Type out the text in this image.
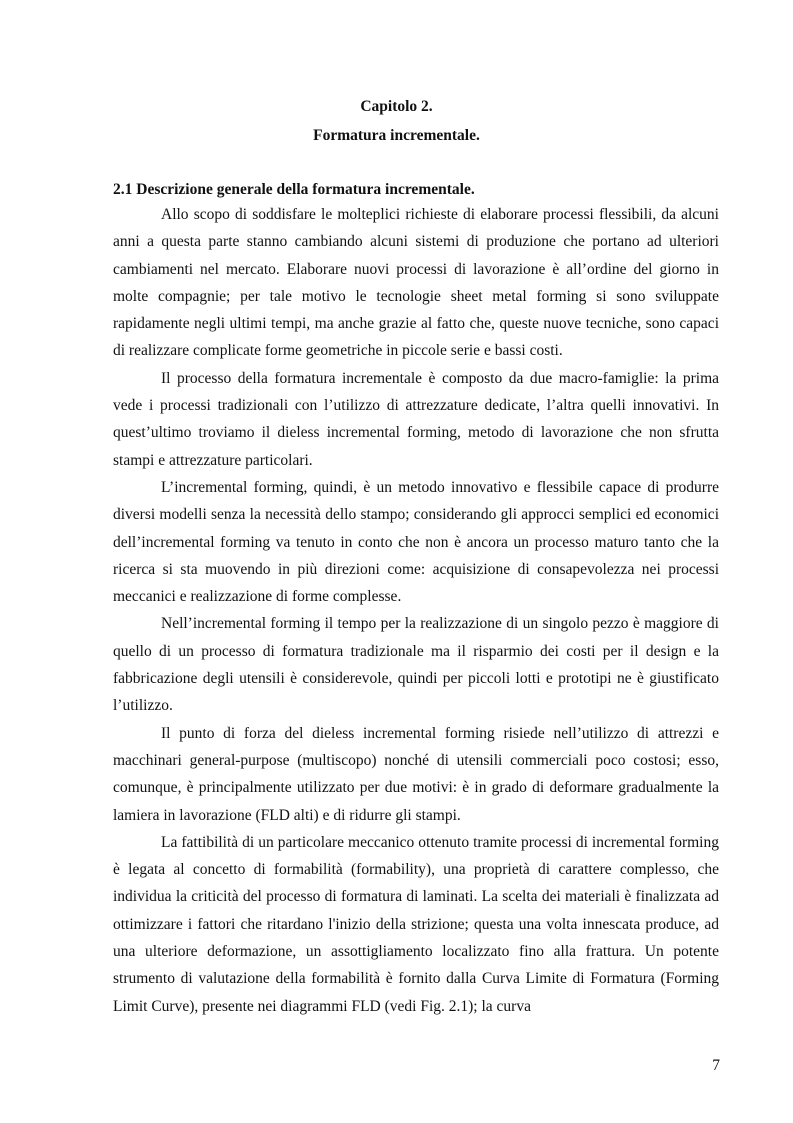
Capitolo 2.
Formatura incrementale.
2.1 Descrizione generale della formatura incrementale.

Allo scopo di soddisfare le molteplici richieste di elaborare processi flessibili, da alcuni anni a questa parte stanno cambiando alcuni sistemi di produzione che portano ad ulteriori cambiamenti nel mercato. Elaborare nuovi processi di lavorazione è all’ordine del giorno in molte compagnie; per tale motivo le tecnologie sheet metal forming si sono sviluppate rapidamente negli ultimi tempi, ma anche grazie al fatto che, queste nuove tecniche, sono capaci di realizzare complicate forme geometriche in piccole serie e bassi costi.

Il processo della formatura incrementale è composto da due macro-famiglie: la prima vede i processi tradizionali con l’utilizzo di attrezzature dedicate, l’altra quelli innovativi. In quest’ultimo troviamo il dieless incremental forming, metodo di lavorazione che non sfrutta stampi e attrezzature particolari.

L’incremental forming, quindi, è un metodo innovativo e flessibile capace di produrre diversi modelli senza la necessità dello stampo; considerando gli approcci semplici ed economici dell’incremental forming va tenuto in conto che non è ancora un processo maturo tanto che la ricerca si sta muovendo in più direzioni come: acquisizione di consapevolezza nei processi meccanici e realizzazione di forme complesse.

Nell’incremental forming il tempo per la realizzazione di un singolo pezzo è maggiore di quello di un processo di formatura tradizionale ma il risparmio dei costi per il design e la fabbricazione degli utensili è considerevole, quindi per piccoli lotti e prototipi ne è giustificato l’utilizzo.

Il punto di forza del dieless incremental forming risiede nell’utilizzo di attrezzi e macchinari general-purpose (multiscopo) nonché di utensili commerciali poco costosi; esso, comunque, è principalmente utilizzato per due motivi: è in grado di deformare gradualmente la lamiera in lavorazione (FLD alti) e di ridurre gli stampi.

La fattibilità di un particolare meccanico ottenuto tramite processi di incremental forming è legata al concetto di formabilità (formability), una proprietà di carattere complesso, che individua la criticità del processo di formatura di laminati. La scelta dei materiali è finalizzata ad ottimizzare i fattori che ritardano l'inizio della strizione; questa una volta innescata produce, ad una ulteriore deformazione, un assottigliamento localizzato fino alla frattura. Un potente strumento di valutazione della formabilità è fornito dalla Curva Limite di Formatura (Forming Limit Curve), presente nei diagrammi FLD (vedi Fig. 2.1); la curva

7
